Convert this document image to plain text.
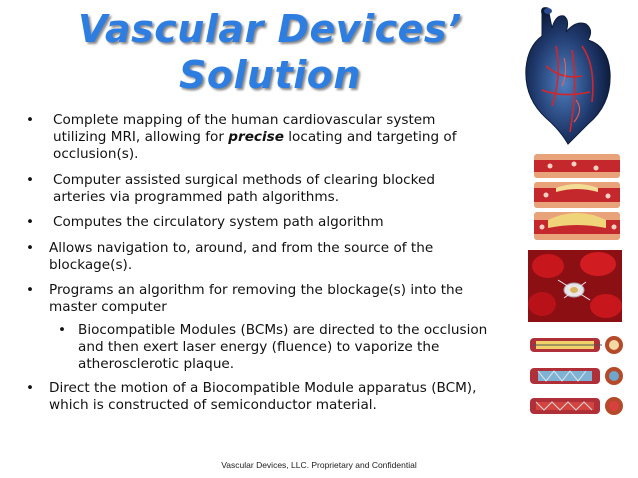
Vascular Devices’
Solution
•	Complete mapping of the human cardiovascular system utilizing MRI, allowing for precise locating and targeting of occlusion(s).
•	Computer assisted surgical methods of clearing blocked arteries via programmed path algorithms.
•	Computes the circulatory system path algorithm
•	Allows navigation to, around, and from the source of the blockage(s).
•	Programs an algorithm for removing the blockage(s) into the master computer
• Biocompatible Modules (BCMs) are directed to the occlusion and then exert laser energy (fluence) to vaporize the atherosclerotic plaque.
•	Direct the motion of a Biocompatible Module apparatus (BCM), which is constructed of semiconductor material.
Vascular Devices, LLC. Proprietary and Confidential
